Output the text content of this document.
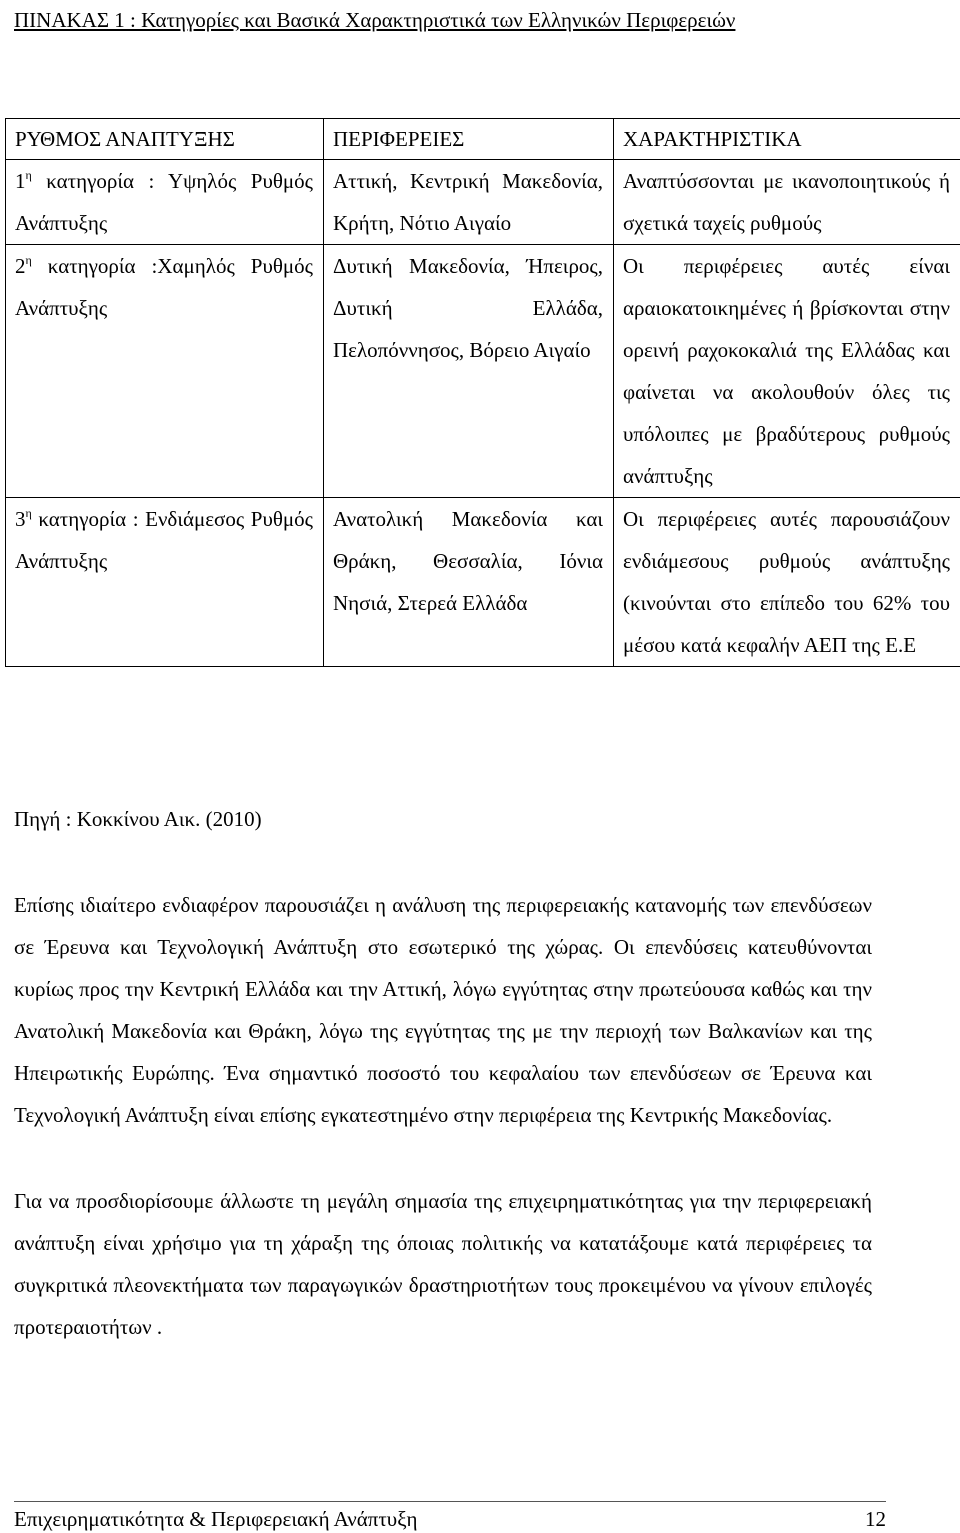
ΠΙΝΑΚΑΣ 1 : Κατηγορίες και Βασικά Χαρακτηριστικά των Ελληνικών Περιφερειών
ΡΥΘΜΟΣ ΑΝΑΠΤΥΞΗΣ	ΠΕΡΙΦΕΡΕΙΕΣ	ΧΑΡΑΚΤΗΡΙΣΤΙΚΑ
$1^\eta$ κατηγορία : Υψηλός Ρυθμός Ανάπτυξης	Αττική, Κεντρική Μακεδονία, Κρήτη, Νότιο Αιγαίο	Αναπτύσσονται με ικανοποιητικούς ή σχετικά ταχείς ρυθμούς
$2^\eta$ κατηγορία :Χαμηλός Ρυθμός Ανάπτυξης	Δυτική Μακεδονία, Ήπειρος, Δυτική Ελλάδα, Πελοπόννησος, Βόρειο Αιγαίο	Οι περιφέρειες αυτές είναι αραιοκατοικημένες ή βρίσκονται στην ορεινή ραχοκοκαλιά της Ελλάδας και φαίνεται να ακολουθούν όλες τις υπόλοιπες με βραδύτερους ρυθμούς ανάπτυξης
$3^\eta$ κατηγορία : Ενδιάμεσος Ρυθμός Ανάπτυξης	Ανατολική Μακεδονία και Θράκη, Θεσσαλία, Ιόνια Νησιά, Στερεά Ελλάδα	Οι περιφέρειες αυτές παρουσιάζουν ενδιάμεσους ρυθμούς ανάπτυξης (κινούνται στο επίπεδο του 62% του μέσου κατά κεφαλήν ΑΕΠ της Ε.Ε
Πηγή : Κοκκίνου Αικ. (2010)
Επίσης ιδιαίτερο ενδιαφέρον παρουσιάζει η ανάλυση της περιφερειακής κατανομής των επενδύσεων σε Έρευνα και Τεχνολογική Ανάπτυξη στο εσωτερικό της χώρας. Οι επενδύσεις κατευθύνονται κυρίως προς την Κεντρική Ελλάδα και την Αττική, λόγω εγγύτητας στην πρωτεύουσα καθώς και την Ανατολική Μακεδονία και Θράκη, λόγω της εγγύτητας της με την περιοχή των Βαλκανίων και της Ηπειρωτικής Ευρώπης. Ένα σημαντικό ποσοστό του κεφαλαίου των επενδύσεων σε Έρευνα και Τεχνολογική Ανάπτυξη είναι επίσης εγκατεστημένο στην περιφέρεια της Κεντρικής Μακεδονίας.
Για να προσδιορίσουμε άλλωστε τη μεγάλη σημασία της επιχειρηματικότητας για την περιφερειακή ανάπτυξη είναι χρήσιμο για τη χάραξη της όποιας πολιτικής να κατατάξουμε κατά περιφέρειες τα συγκριτικά πλεονεκτήματα των παραγωγικών δραστηριοτήτων τους προκειμένου να γίνουν επιλογές προτεραιοτήτων .
Επιχειρηματικότητα & Περιφερειακή Ανάπτυξη	12
